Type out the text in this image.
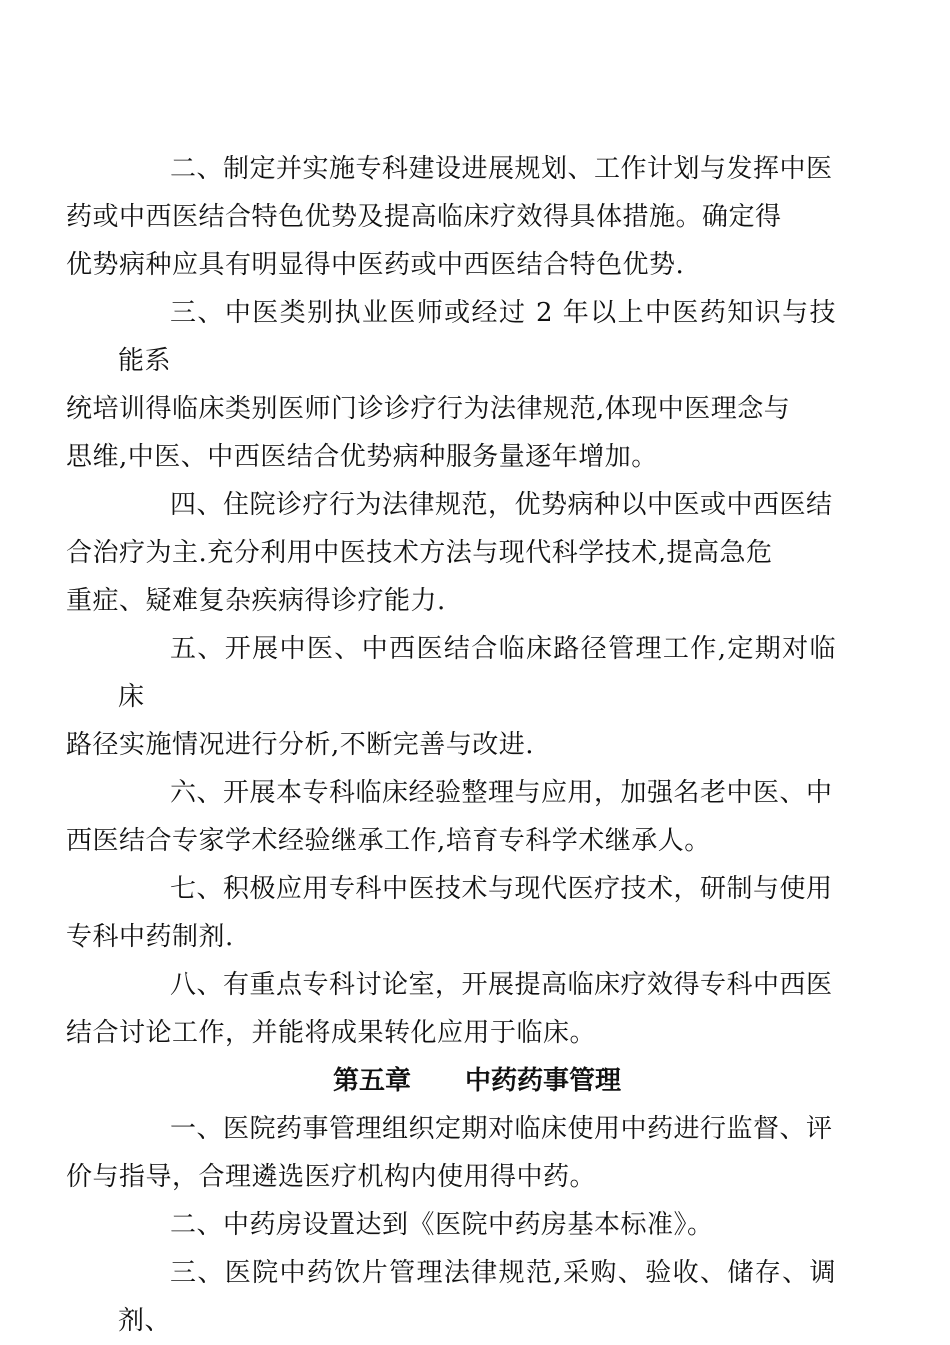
二、制定并实施专科建设进展规划、工作计划与发挥中医
药或中西医结合特色优势及提高临床疗效得具体措施。确定得
优势病种应具有明显得中医药或中西医结合特色优势.

三、中医类别执业医师或经过 2 年以上中医药知识与技能系
统培训得临床类别医师门诊诊疗行为法律规范,体现中医理念与
思维,中医、中西医结合优势病种服务量逐年增加。

四、住院诊疗行为法律规范，优势病种以中医或中西医结
合治疗为主.充分利用中医技术方法与现代科学技术,提高急危
重症、疑难复杂疾病得诊疗能力.

五、开展中医、中西医结合临床路径管理工作,定期对临床
路径实施情况进行分析,不断完善与改进.

六、开展本专科临床经验整理与应用，加强名老中医、中
西医结合专家学术经验继承工作,培育专科学术继承人。

七、积极应用专科中医技术与现代医疗技术，研制与使用
专科中药制剂.

八、有重点专科讨论室，开展提高临床疗效得专科中西医
结合讨论工作，并能将成果转化应用于临床。

第五章 中药药事管理

一、医院药事管理组织定期对临床使用中药进行监督、评
价与指导，合理遴选医疗机构内使用得中药。

二、中药房设置达到《医院中药房基本标准》。

三、医院中药饮片管理法律规范,采购、验收、储存、调剂、
